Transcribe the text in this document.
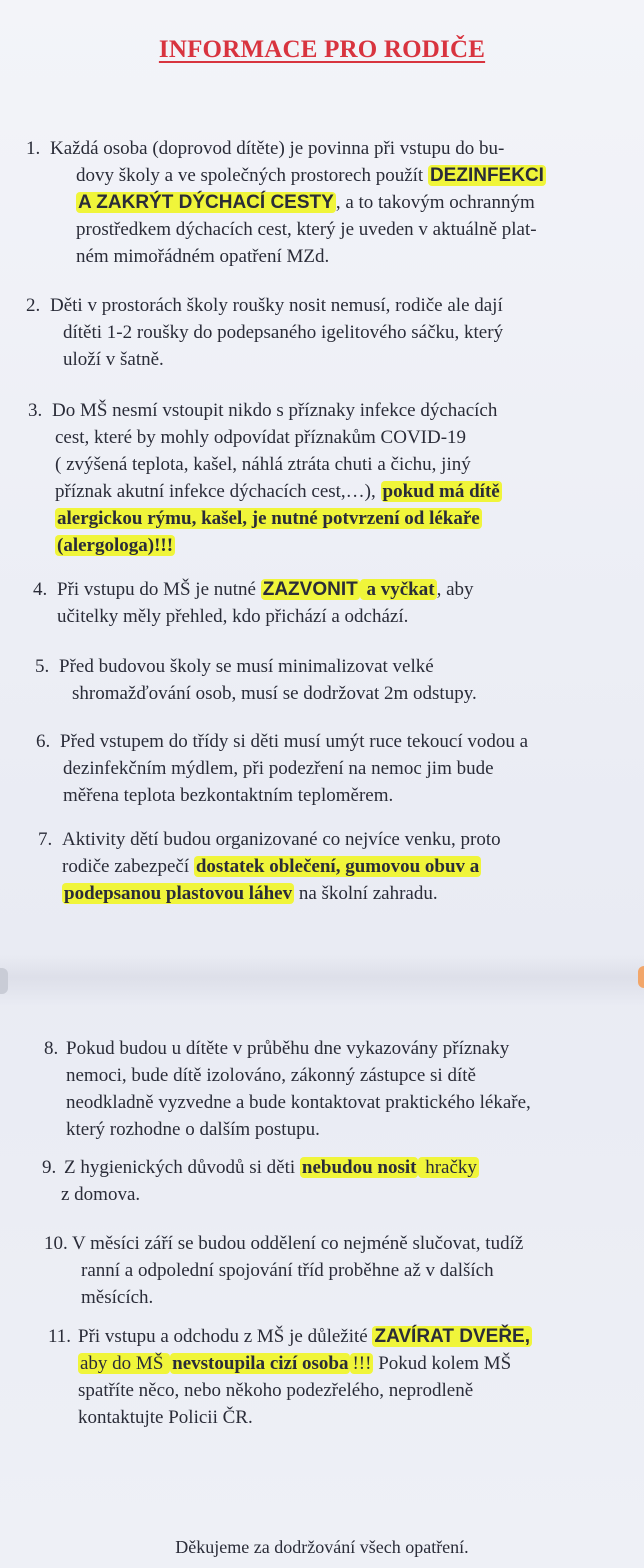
INFORMACE PRO RODIČE
1. Každá osoba (doprovod dítěte) je povinna při vstupu do bu-
dovy školy a ve společných prostorech použít DEZINFEKCI
A ZAKRÝT DÝCHACÍ CESTY , a to takovým ochranným
prostředkem dýchacích cest, který je uveden v aktuálně plat-
ném mimořádném opatření MZd.
2. Děti v prostorách školy roušky nosit nemusí, rodiče ale dají
dítěti 1-2 roušky do podepsaného igelitového sáčku, který
uloží v šatně.
3. Do MŠ nesmí vstoupit nikdo s příznaky infekce dýchacích
cest, které by mohly odpovídat příznakům COVID-19
( zvýšená teplota, kašel, náhlá ztráta chuti a čichu, jiný
příznak akutní infekce dýchacích cest,…), pokud má dítě
alergickou rýmu, kašel, je nutné potvrzení od lékaře
(alergologa)!!!
4. Při vstupu do MŠ je nutné ZAZVONIT a vyčkat , aby
učitelky měly přehled, kdo přichází a odchází.
5. Před budovou školy se musí minimalizovat velké
shromažďování osob, musí se dodržovat 2m odstupy.
6. Před vstupem do třídy si děti musí umýt ruce tekoucí vodou a
dezinfekčním mýdlem, při podezření na nemoc jim bude
měřena teplota bezkontaktním teploměrem.
7. Aktivity dětí budou organizované co nejvíce venku, proto
rodiče zabezpečí dostatek oblečení, gumovou obuv a
podepsanou plastovou láhev na školní zahradu.
8. Pokud budou u dítěte v průběhu dne vykazovány příznaky
nemoci, bude dítě izolováno, zákonný zástupce si dítě
neodkladně vyzvedne a bude kontaktovat praktického lékaře,
který rozhodne o dalším postupu.
9. Z hygienických důvodů si děti nebudou nosit hračky
z domova.
10. V měsíci září se budou oddělení co nejméně slučovat, tudíž
ranní a odpolední spojování tříd proběhne až v dalších
měsících.
11. Při vstupu a odchodu z MŠ je důležité ZAVÍRAT DVEŘE,
aby do MŠ nevstoupila cizí osoba !!! Pokud kolem MŠ
spatříte něco, nebo někoho podezřelého, neprodleně
kontaktujte Policii ČR.
Děkujeme za dodržování všech opatření.
